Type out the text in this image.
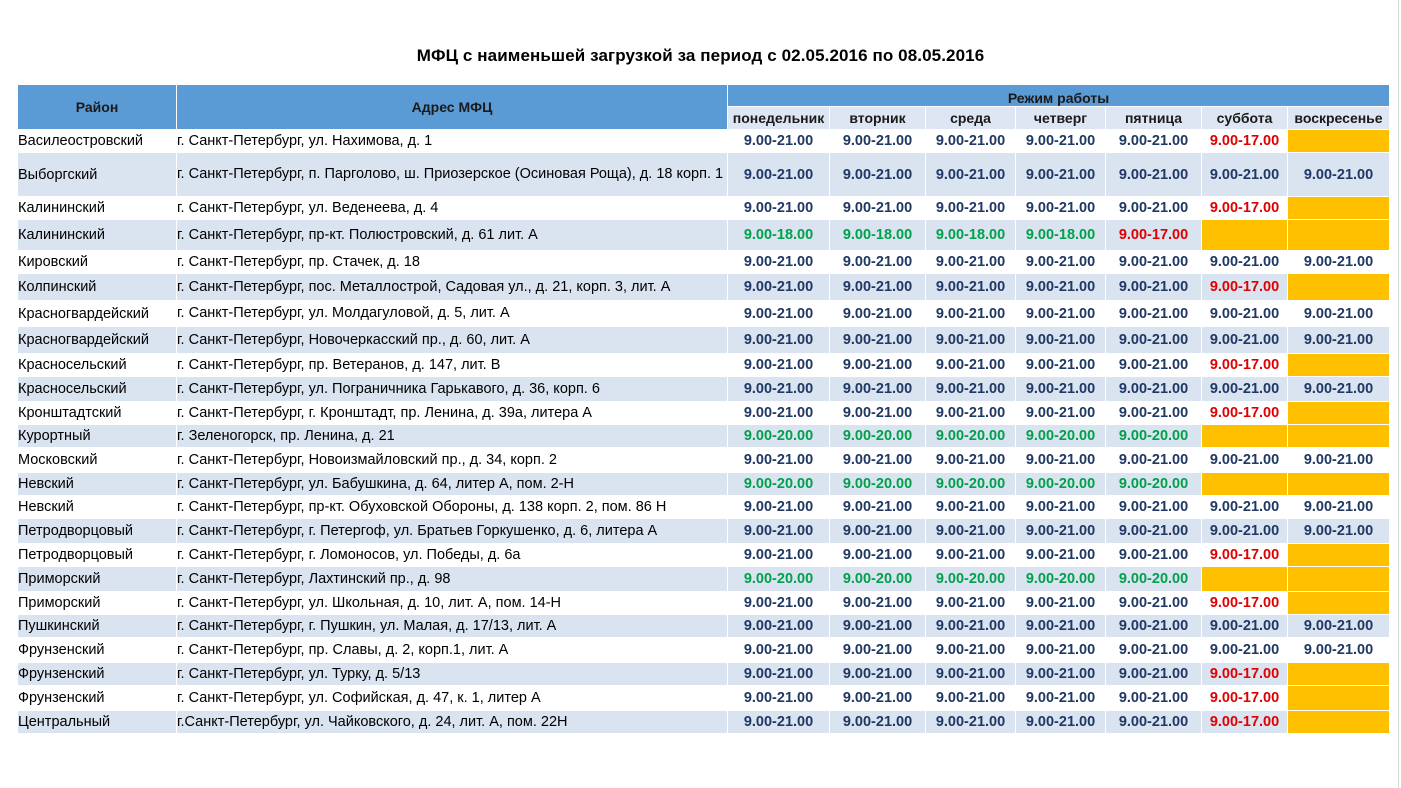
МФЦ с наименьшей загрузкой за период с 02.05.2016 по 08.05.2016
Район	Адрес МФЦ	Режим работы						
		понедельник	вторник	среда	четверг	пятница	суббота	воскресенье
Василеостровский	г. Санкт-Петербург, ул. Нахимова, д. 1	9.00-21.00	9.00-21.00	9.00-21.00	9.00-21.00	9.00-21.00	9.00-17.00	
Выборгский	г. Санкт-Петербург, п. Парголово, ш. Приозерское (Осиновая Роща), д. 18 корп. 1	9.00-21.00	9.00-21.00	9.00-21.00	9.00-21.00	9.00-21.00	9.00-21.00	9.00-21.00
Калининский	г. Санкт-Петербург, ул. Веденеева, д. 4	9.00-21.00	9.00-21.00	9.00-21.00	9.00-21.00	9.00-21.00	9.00-17.00	
Калининский	г. Санкт-Петербург, пр-кт. Полюстровский, д. 61 лит. А	9.00-18.00	9.00-18.00	9.00-18.00	9.00-18.00	9.00-17.00		
Кировский	г. Санкт-Петербург, пр. Стачек, д. 18	9.00-21.00	9.00-21.00	9.00-21.00	9.00-21.00	9.00-21.00	9.00-21.00	9.00-21.00
Колпинский	г. Санкт-Петербург, пос. Металлострой, Садовая ул., д. 21, корп. 3, лит. А	9.00-21.00	9.00-21.00	9.00-21.00	9.00-21.00	9.00-21.00	9.00-17.00	
Красногвардейский	г. Санкт-Петербург, ул. Молдагуловой, д. 5, лит. А	9.00-21.00	9.00-21.00	9.00-21.00	9.00-21.00	9.00-21.00	9.00-21.00	9.00-21.00
Красногвардейский	г. Санкт-Петербург, Новочеркасский пр., д. 60, лит. А	9.00-21.00	9.00-21.00	9.00-21.00	9.00-21.00	9.00-21.00	9.00-21.00	9.00-21.00
Красносельский	г. Санкт-Петербург, пр. Ветеранов, д. 147, лит. В	9.00-21.00	9.00-21.00	9.00-21.00	9.00-21.00	9.00-21.00	9.00-17.00	
Красносельский	г. Санкт-Петербург, ул. Пограничника Гарькавого, д. 36, корп. 6	9.00-21.00	9.00-21.00	9.00-21.00	9.00-21.00	9.00-21.00	9.00-21.00	9.00-21.00
Кронштадтский	г. Санкт-Петербург, г. Кронштадт, пр. Ленина, д. 39а, литера А	9.00-21.00	9.00-21.00	9.00-21.00	9.00-21.00	9.00-21.00	9.00-17.00	
Курортный	г. Зеленогорск, пр. Ленина, д. 21	9.00-20.00	9.00-20.00	9.00-20.00	9.00-20.00	9.00-20.00		
Московский	г. Санкт-Петербург, Новоизмайловский пр., д. 34, корп. 2	9.00-21.00	9.00-21.00	9.00-21.00	9.00-21.00	9.00-21.00	9.00-21.00	9.00-21.00
Невский	г. Санкт-Петербург, ул. Бабушкина, д. 64, литер А, пом. 2-Н	9.00-20.00	9.00-20.00	9.00-20.00	9.00-20.00	9.00-20.00		
Невский	г. Санкт-Петербург, пр-кт. Обуховской Обороны, д. 138 корп. 2, пом. 86 Н	9.00-21.00	9.00-21.00	9.00-21.00	9.00-21.00	9.00-21.00	9.00-21.00	9.00-21.00
Петродворцовый	г. Санкт-Петербург, г. Петергоф, ул. Братьев Горкушенко, д. 6, литера А	9.00-21.00	9.00-21.00	9.00-21.00	9.00-21.00	9.00-21.00	9.00-21.00	9.00-21.00
Петродворцовый	г. Санкт-Петербург, г. Ломоносов, ул. Победы, д. 6а	9.00-21.00	9.00-21.00	9.00-21.00	9.00-21.00	9.00-21.00	9.00-17.00	
Приморский	г. Санкт-Петербург, Лахтинский пр., д. 98	9.00-20.00	9.00-20.00	9.00-20.00	9.00-20.00	9.00-20.00		
Приморский	г. Санкт-Петербург, ул. Школьная, д. 10, лит. А, пом. 14-Н	9.00-21.00	9.00-21.00	9.00-21.00	9.00-21.00	9.00-21.00	9.00-17.00	
Пушкинский	г. Санкт-Петербург, г. Пушкин, ул. Малая, д. 17/13, лит. А	9.00-21.00	9.00-21.00	9.00-21.00	9.00-21.00	9.00-21.00	9.00-21.00	9.00-21.00
Фрунзенский	г. Санкт-Петербург, пр. Славы, д. 2, корп.1, лит. А	9.00-21.00	9.00-21.00	9.00-21.00	9.00-21.00	9.00-21.00	9.00-21.00	9.00-21.00
Фрунзенский	г. Санкт-Петербург, ул. Турку, д. 5/13	9.00-21.00	9.00-21.00	9.00-21.00	9.00-21.00	9.00-21.00	9.00-17.00	
Фрунзенский	г. Санкт-Петербург, ул. Софийская, д. 47, к. 1, литер А	9.00-21.00	9.00-21.00	9.00-21.00	9.00-21.00	9.00-21.00	9.00-17.00	
Центральный	г.Санкт-Петербург, ул. Чайковского, д. 24, лит. А, пом. 22Н	9.00-21.00	9.00-21.00	9.00-21.00	9.00-21.00	9.00-21.00	9.00-17.00	
